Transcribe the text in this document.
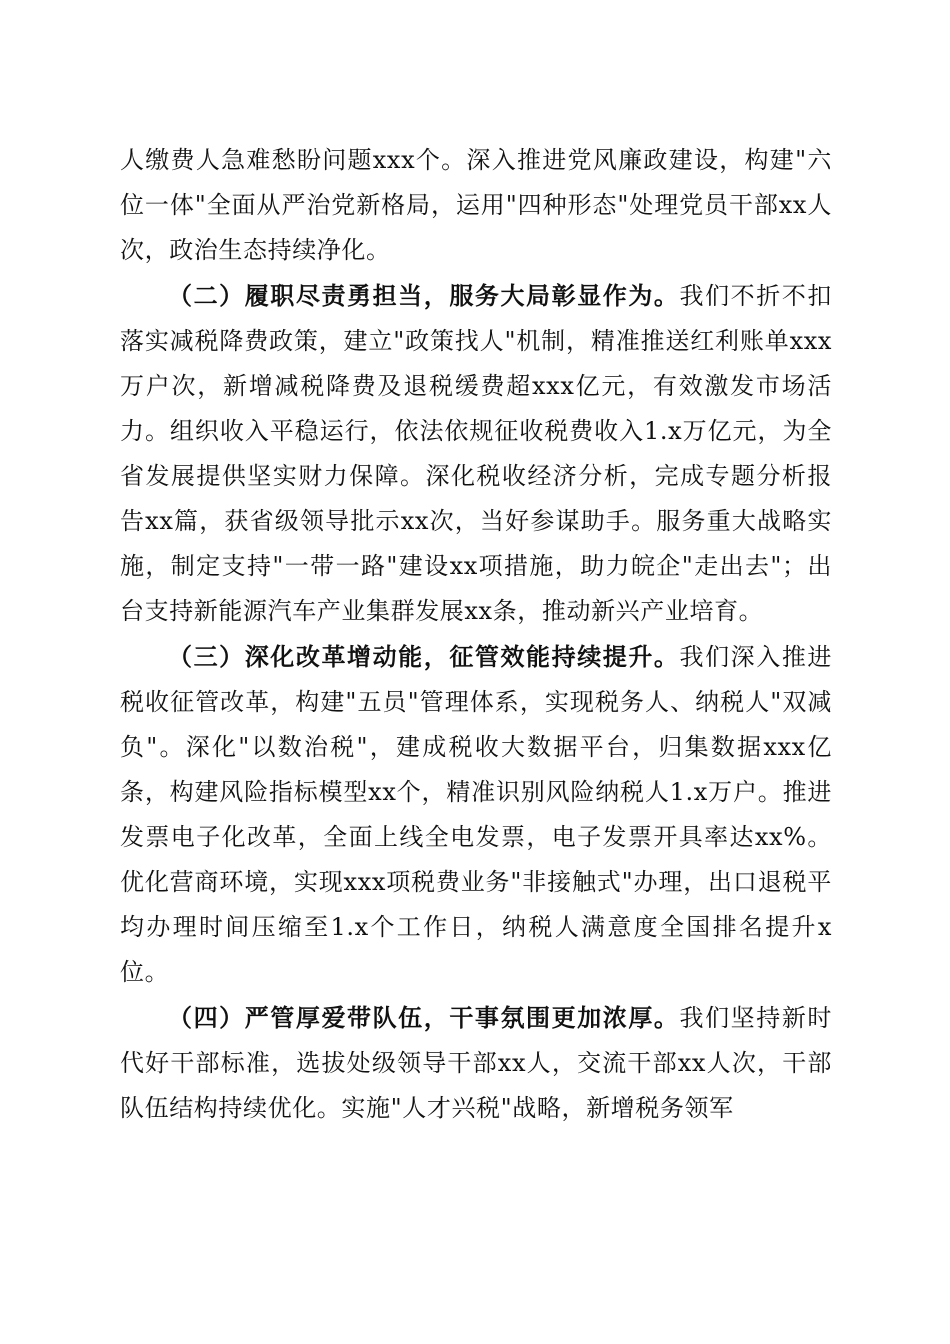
人缴费人急难愁盼问题xxx个。深入推进党风廉政建设，构建"六位一体"全面从严治党新格局，运用"四种形态"处理党员干部xx人次，政治生态持续净化。

（二）履职尽责勇担当，服务大局彰显作为。我们不折不扣落实减税降费政策，建立"政策找人"机制，精准推送红利账单xxx万户次，新增减税降费及退税缓费超xxx亿元，有效激发市场活力。组织收入平稳运行，依法依规征收税费收入1.x万亿元，为全省发展提供坚实财力保障。深化税收经济分析，完成专题分析报告xx篇，获省级领导批示xx次，当好参谋助手。服务重大战略实施，制定支持"一带一路"建设xx项措施，助力皖企"走出去"；出台支持新能源汽车产业集群发展xx条，推动新兴产业培育。

（三）深化改革增动能，征管效能持续提升。我们深入推进税收征管改革，构建"五员"管理体系，实现税务人、纳税人"双减负"。深化"以数治税"，建成税收大数据平台，归集数据xxx亿条，构建风险指标模型xx个，精准识别风险纳税人1.x万户。推进发票电子化改革，全面上线全电发票，电子发票开具率达xx%。优化营商环境，实现xxx项税费业务"非接触式"办理，出口退税平均办理时间压缩至1.x个工作日，纳税人满意度全国排名提升x位。

（四）严管厚爱带队伍，干事氛围更加浓厚。我们坚持新时代好干部标准，选拔处级领导干部xx人，交流干部xx人次，干部队伍结构持续优化。实施"人才兴税"战略，新增税务领军
